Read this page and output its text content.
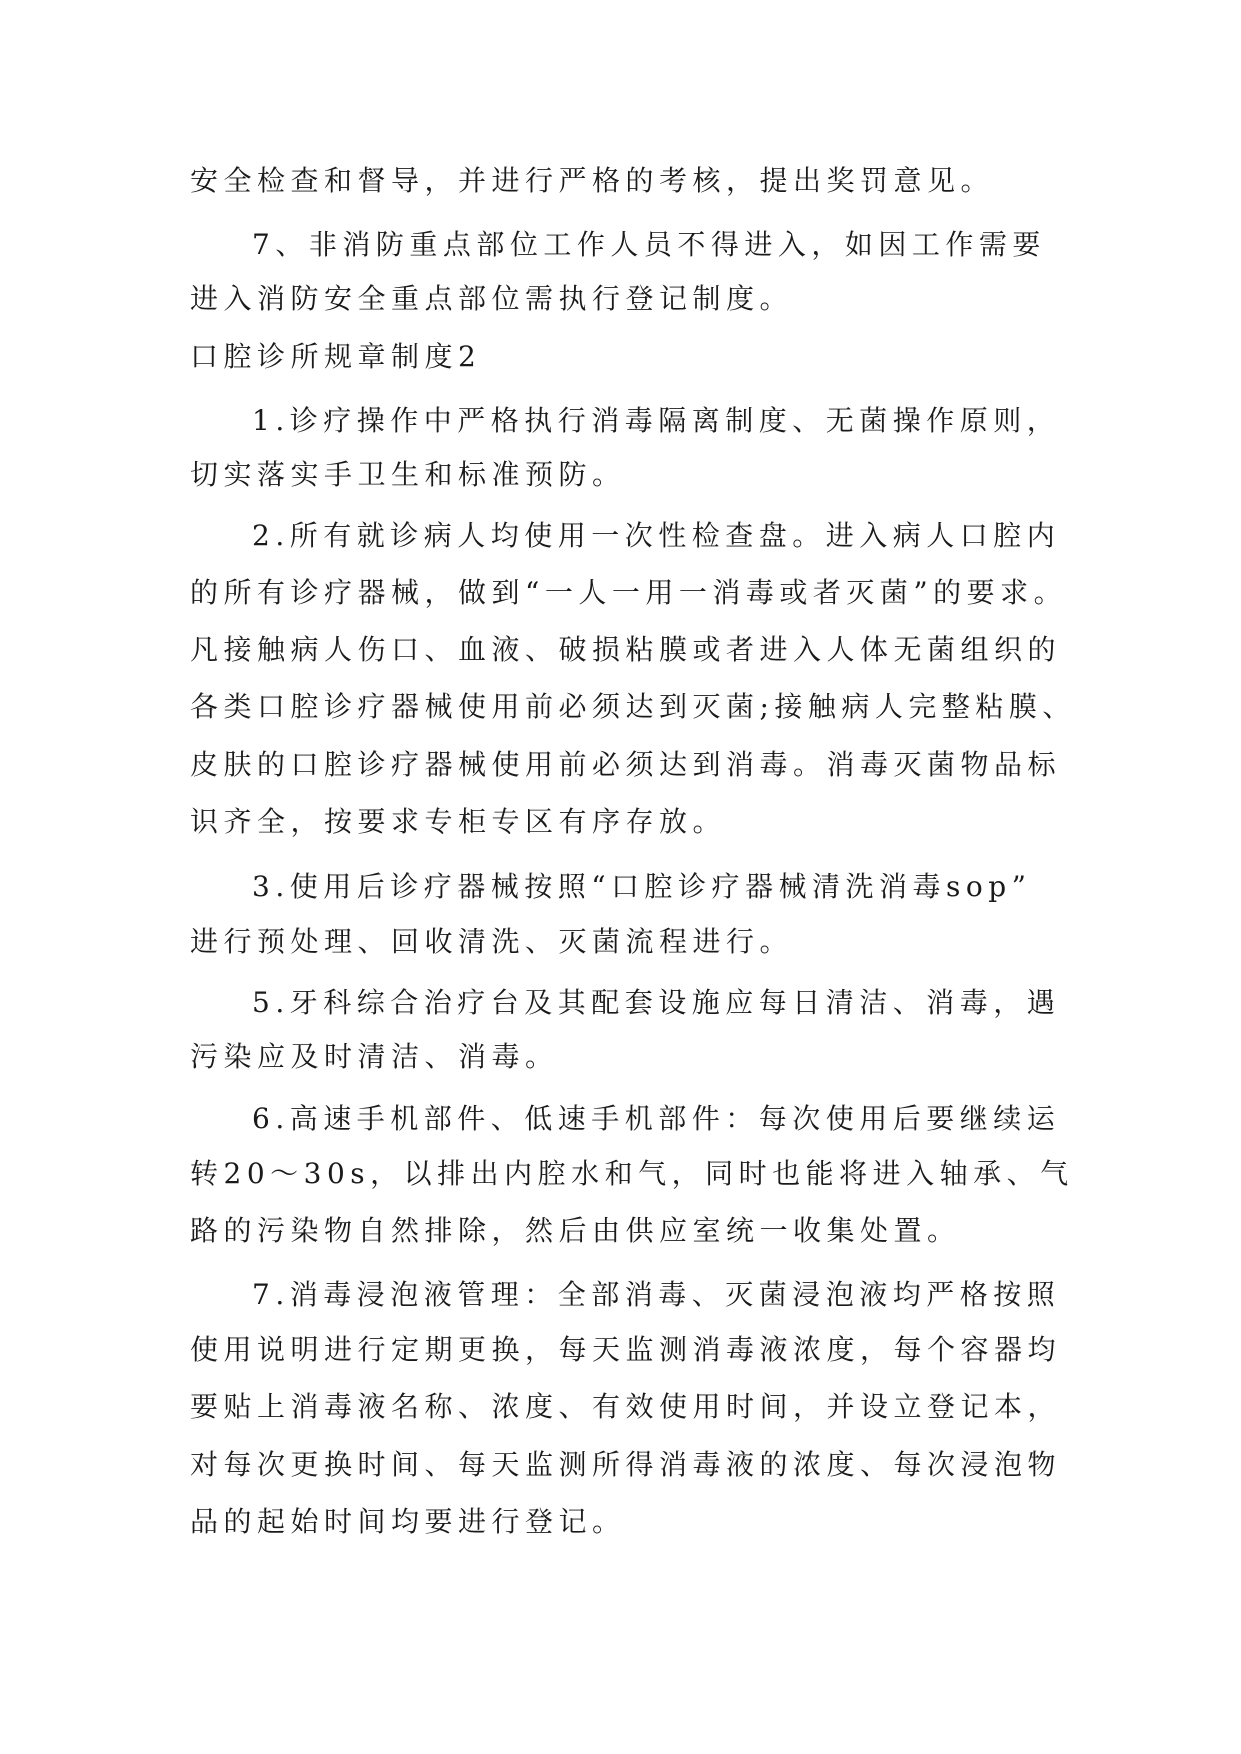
安全检查和督导，并进行严格的考核，提出奖罚意见。
7、非消防重点部位工作人员不得进入，如因工作需要
进入消防安全重点部位需执行登记制度。
口腔诊所规章制度2
1.诊疗操作中严格执行消毒隔离制度、无菌操作原则，
切实落实手卫生和标准预防。
2.所有就诊病人均使用一次性检查盘。进入病人口腔内
的所有诊疗器械，做到“一人一用一消毒或者灭菌”的要求。
凡接触病人伤口、血液、破损粘膜或者进入人体无菌组织的
各类口腔诊疗器械使用前必须达到灭菌;接触病人完整粘膜、
皮肤的口腔诊疗器械使用前必须达到消毒。消毒灭菌物品标
识齐全，按要求专柜专区有序存放。
3.使用后诊疗器械按照“口腔诊疗器械清洗消毒sop”
进行预处理、回收清洗、灭菌流程进行。
5.牙科综合治疗台及其配套设施应每日清洁、消毒，遇
污染应及时清洁、消毒。
6.高速手机部件、低速手机部件：每次使用后要继续运
转20～30s，以排出内腔水和气，同时也能将进入轴承、气
路的污染物自然排除，然后由供应室统一收集处置。
7.消毒浸泡液管理：全部消毒、灭菌浸泡液均严格按照
使用说明进行定期更换，每天监测消毒液浓度，每个容器均
要贴上消毒液名称、浓度、有效使用时间，并设立登记本，
对每次更换时间、每天监测所得消毒液的浓度、每次浸泡物
品的起始时间均要进行登记。
